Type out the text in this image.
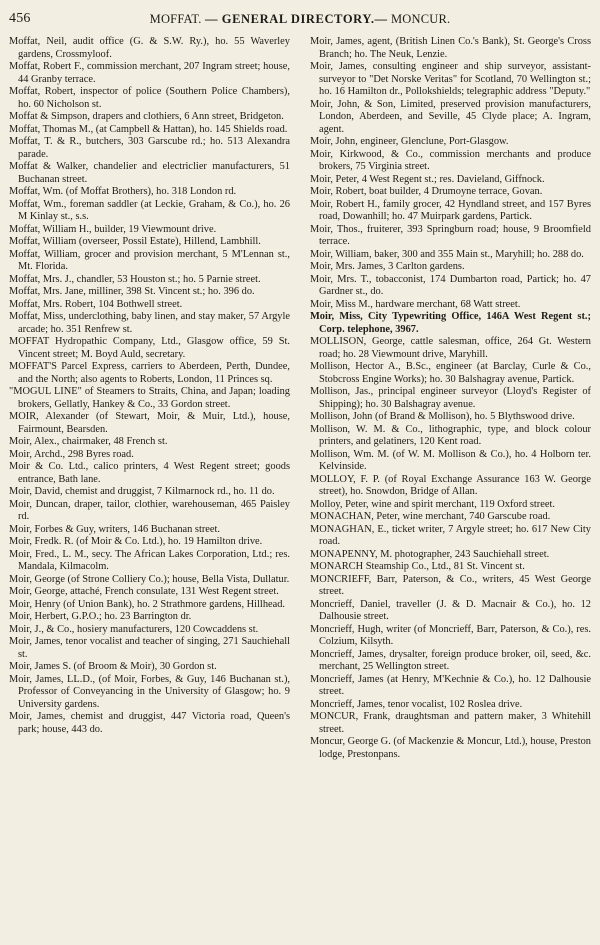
456	MOFFAT. — GENERAL DIRECTORY.— MONCUR.

Moffat, Neil, audit office (G. & S.W. Ry.), ho. 55 Waverley gardens, Crossmyloof.

Moffat, Robert F., commission merchant, 207 Ingram street; house, 44 Granby terrace.

Moffat, Robert, inspector of police (Southern Police Chambers), ho. 60 Nicholson st.

Moffat & Simpson, drapers and clothiers, 6 Ann street, Bridgeton.

Moffat, Thomas M., (at Campbell & Hattan), ho. 145 Shields road.

Moffat, T. & R., butchers, 303 Garscube rd.; ho. 513 Alexandra parade.

Moffat & Walker, chandelier and electriclier manufacturers, 51 Buchanan street.

Moffat, Wm. (of Moffat Brothers), ho. 318 London rd.

Moffat, Wm., foreman saddler (at Leckie, Graham, & Co.), ho. 26 M Kinlay st., s.s.

Moffat, William H., builder, 19 Viewmount drive.

Moffat, William (overseer, Possil Estate), Hillend, Lambhill.

Moffat, William, grocer and provision merchant, 5 M'Lennan st., Mt. Florida.

Moffat, Mrs. J., chandler, 53 Houston st.; ho. 5 Parnie street.

Moffat, Mrs. Jane, milliner, 398 St. Vincent st.; ho. 396 do.

Moffat, Mrs. Robert, 104 Bothwell street.

Moffat, Miss, underclothing, baby linen, and stay maker, 57 Argyle arcade; ho. 351 Renfrew st.

MOFFAT Hydropathic Company, Ltd., Glasgow office, 59 St. Vincent street; M. Boyd Auld, secretary.

MOFFAT'S Parcel Express, carriers to Aberdeen, Perth, Dundee, and the North; also agents to Roberts, London, 11 Princes sq.

"MOGUL LINE" of Steamers to Straits, China, and Japan; loading brokers, Gellatly, Hankey & Co., 33 Gordon street.

MOIR, Alexander (of Stewart, Moir, & Muir, Ltd.), house, Fairmount, Bearsden.

Moir, Alex., chairmaker, 48 French st.

Moir, Archd., 298 Byres road.

Moir & Co. Ltd., calico printers, 4 West Regent street; goods entrance, Bath lane.

Moir, David, chemist and druggist, 7 Kilmarnock rd., ho. 11 do.

Moir, Duncan, draper, tailor, clothier, warehouseman, 465 Paisley rd.

Moir, Forbes & Guy, writers, 146 Buchanan street.

Moir, Fredk. R. (of Moir & Co. Ltd.), ho. 19 Hamilton drive.

Moir, Fred., L. M., secy. The African Lakes Corporation, Ltd.; res. Mandala, Kilmacolm.

Moir, George (of Strone Colliery Co.); house, Bella Vista, Dullatur.

Moir, George, attaché, French consulate, 131 West Regent street.

Moir, Henry (of Union Bank), ho. 2 Strathmore gardens, Hillhead.

Moir, Herbert, G.P.O.; ho. 23 Barrington dr.

Moir, J., & Co., hosiery manufacturers, 120 Cowcaddens st.

Moir, James, tenor vocalist and teacher of singing, 271 Sauchiehall st.

Moir, James S. (of Broom & Moir), 30 Gordon st.

Moir, James, LL.D., (of Moir, Forbes, & Guy, 146 Buchanan st.), Professor of Conveyancing in the University of Glasgow; ho. 9 University gardens.

Moir, James, chemist and druggist, 447 Victoria road, Queen's park; house, 443 do.

Moir, James, agent, (British Linen Co.'s Bank), St. George's Cross Branch; ho. The Neuk, Lenzie.

Moir, James, consulting engineer and ship surveyor, assistant-surveyor to "Det Norske Veritas" for Scotland, 70 Wellington st.; ho. 16 Hamilton dr., Pollokshields; telegraphic address "Deputy."

Moir, John, & Son, Limited, preserved provision manufacturers, London, Aberdeen, and Seville, 45 Clyde place; A. Ingram, agent.

Moir, John, engineer, Glenclune, Port-Glasgow.

Moir, Kirkwood, & Co., commission merchants and produce brokers, 75 Virginia street.

Moir, Peter, 4 West Regent st.; res. Davieland, Giffnock.

Moir, Robert, boat builder, 4 Drumoyne terrace, Govan.

Moir, Robert H., family grocer, 42 Hyndland street, and 157 Byres road, Dowanhill; ho. 47 Muirpark gardens, Partick.

Moir, Thos., fruiterer, 393 Springburn road; house, 9 Broomfield terrace.

Moir, William, baker, 300 and 355 Main st., Maryhill; ho. 288 do.

Moir, Mrs. James, 3 Carlton gardens.

Moir, Mrs. T., tobacconist, 174 Dumbarton road, Partick; ho. 47 Gardner st., do.

Moir, Miss M., hardware merchant, 68 Watt street.

Moir, Miss, City Typewriting Office, 146A West Regent st.; Corp. telephone, 3967.

MOLLISON, George, cattle salesman, office, 264 Gt. Western road; ho. 28 Viewmount drive, Maryhill.

Mollison, Hector A., B.Sc., engineer (at Barclay, Curle & Co., Stobcross Engine Works); ho. 30 Balshagray avenue, Partick.

Mollison, Jas., principal engineer surveyor (Lloyd's Register of Shipping); ho. 30 Balshagray avenue.

Mollison, John (of Brand & Mollison), ho. 5 Blythswood drive.

Mollison, W. M. & Co., lithographic, type, and block colour printers, and gelatiners, 120 Kent road.

Mollison, Wm. M. (of W. M. Mollison & Co.), ho. 4 Holborn ter. Kelvinside.

MOLLOY, F. P. (of Royal Exchange Assurance 163 W. George street), ho. Snowdon, Bridge of Allan.

Molloy, Peter, wine and spirit merchant, 119 Oxford street.

MONACHAN, Peter, wine merchant, 740 Garscube road.

MONAGHAN, E., ticket writer, 7 Argyle street; ho. 617 New City road.

MONAPENNY, M. photographer, 243 Sauchiehall street.

MONARCH Steamship Co., Ltd., 81 St. Vincent st.

MONCRIEFF, Barr, Paterson, & Co., writers, 45 West George street.

Moncrieff, Daniel, traveller (J. & D. Macnair & Co.), ho. 12 Dalhousie street.

Moncrieff, Hugh, writer (of Moncrieff, Barr, Paterson, & Co.), res. Colzium, Kilsyth.

Moncrieff, James, drysalter, foreign produce broker, oil, seed, &c. merchant, 25 Wellington street.

Moncrieff, James (at Henry, M'Kechnie & Co.), ho. 12 Dalhousie street.

Moncrieff, James, tenor vocalist, 102 Roslea drive.

MONCUR, Frank, draughtsman and pattern maker, 3 Whitehill street.

Moncur, George G. (of Mackenzie & Moncur, Ltd.), house, Preston lodge, Prestonpans.
